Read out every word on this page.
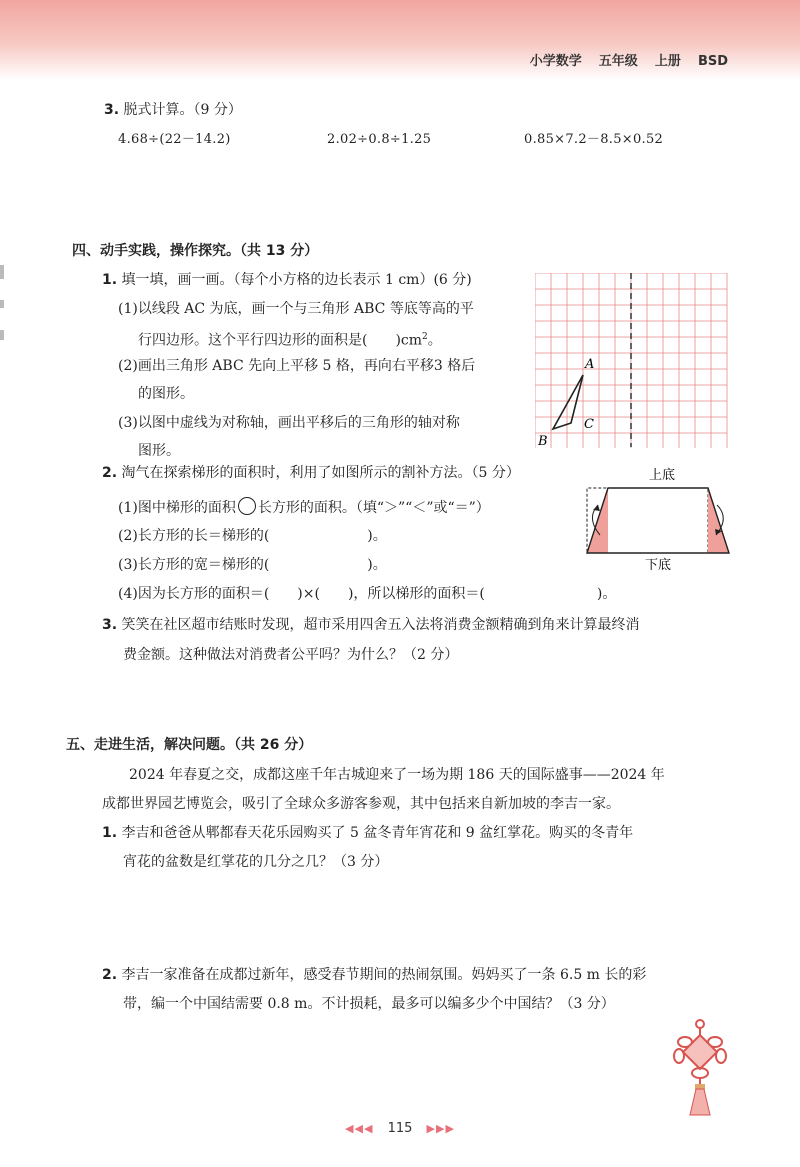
小学数学 五年级 上册 BSD
3. 脱式计算。（9 分）
4.68÷(22－14.2)	2.02÷0.8÷1.25	0.85×7.2－8.5×0.52
四、动手实践，操作探究。（共 13 分）
1. 填一填，画一画。（每个小方格的边长表示 1 cm）(6 分)
(1)以线段 AC 为底，画一个与三角形 ABC 等底等高的平
行四边形。这个平行四边形的面积是(　　)$cm^2$。
(2)画出三角形 ABC 先向上平移 5 格，再向右平移3 格后
的图形。
(3)以图中虚线为对称轴，画出平移后的三角形的轴对称
图形。
A
B
C
2. 淘气在探索梯形的面积时，利用了如图所示的割补方法。（5 分）
(1)图中梯形的面积 长方形的面积。（填“＞”“＜”或“＝”）
(2)长方形的长＝梯形的(　　　　　　　)。
(3)长方形的宽＝梯形的(　　　　　　　)。
(4)因为长方形的面积＝(　　)×(　　)，所以梯形的面积＝(　　　　　　　　)。
上底
下底
3. 笑笑在社区超市结账时发现，超市采用四舍五入法将消费金额精确到角来计算最终消
费金额。这种做法对消费者公平吗？为什么？（2 分）
五、走进生活，解决问题。（共 26 分）
2024 年春夏之交，成都这座千年古城迎来了一场为期 186 天的国际盛事——2024 年
成都世界园艺博览会，吸引了全球众多游客参观，其中包括来自新加坡的李吉一家。
1. 李吉和爸爸从郫都春天花乐园购买了 5 盆冬青年宵花和 9 盆红掌花。购买的冬青年
宵花的盆数是红掌花的几分之几？（3 分）
2. 李吉一家准备在成都过新年，感受春节期间的热闹氛围。妈妈买了一条 6.5 m 长的彩
带，编一个中国结需要 0.8 m。不计损耗，最多可以编多少个中国结？（3 分）
◀◀◀ 115 ▶▶▶
